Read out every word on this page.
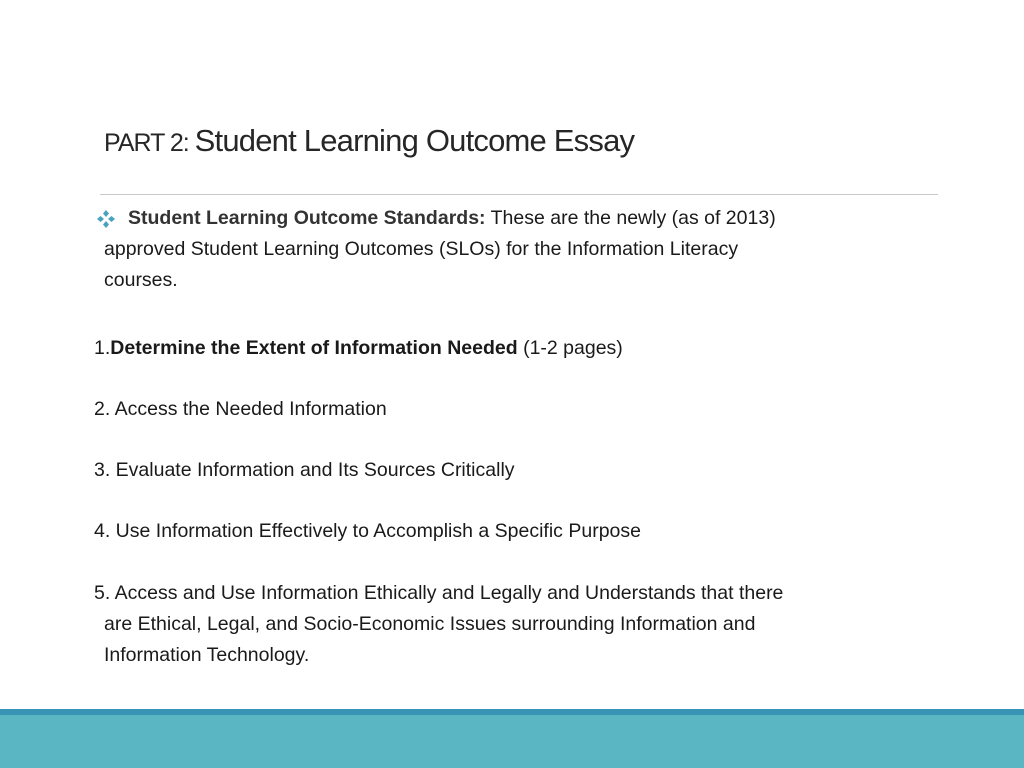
PART 2: Student Learning Outcome Essay
Student Learning Outcome Standards: These are the newly (as of 2013)
approved Student Learning Outcomes (SLOs) for the Information Literacy
courses.
1.Determine the Extent of Information Needed (1-2 pages)
2. Access the Needed Information
3. Evaluate Information and Its Sources Critically
4. Use Information Effectively to Accomplish a Specific Purpose
5. Access and Use Information Ethically and Legally and Understands that there
are Ethical, Legal, and Socio-Economic Issues surrounding Information and
Information Technology.
